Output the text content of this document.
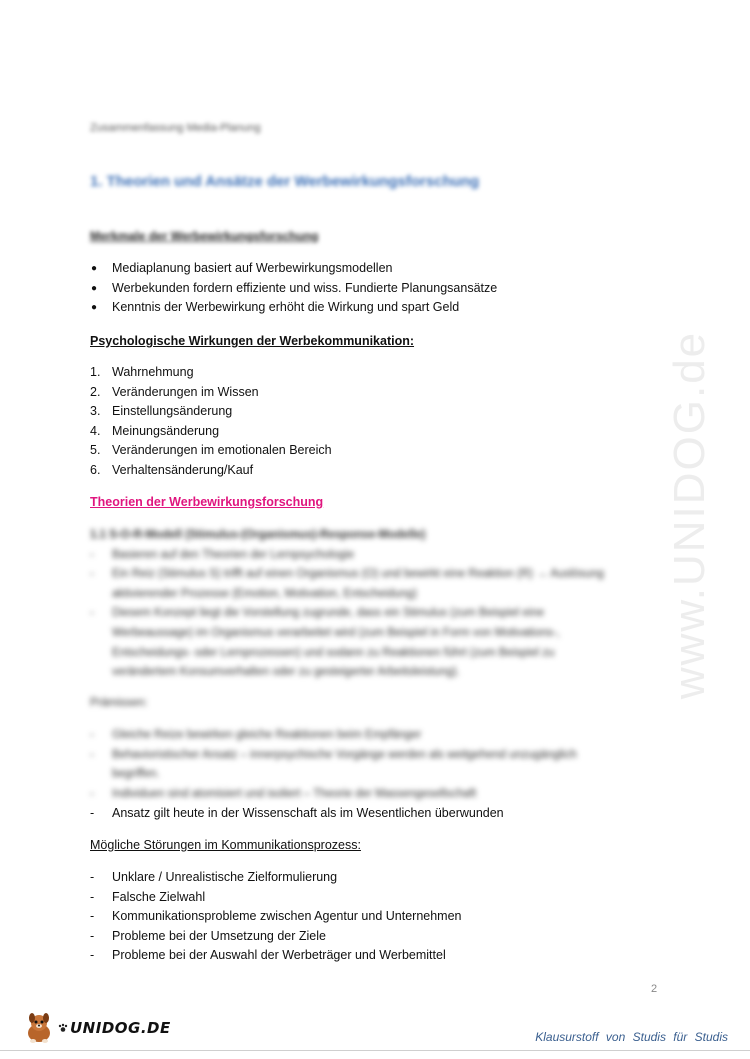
www.UNIDOG.de
Zusammenfassung Media-Planung
1. Theorien und Ansätze der Werbewirkungsforschung
Merkmale der Werbewirkungsforschung
●	Mediaplanung basiert auf Werbewirkungsmodellen
●	Werbekunden fordern effiziente und wiss. Fundierte Planungsansätze
●	Kenntnis der Werbewirkung erhöht die Wirkung und spart Geld
Psychologische Wirkungen der Werbekommunikation:
1. Wahrnehmung
2. Veränderungen im Wissen
3. Einstellungsänderung
4. Meinungsänderung
5. Veränderungen im emotionalen Bereich
6. Verhaltensänderung/Kauf
Theorien der Werbewirkungsforschung
1.1 S-O-R-Modell (Stimulus-(Organismus)-Response-Modelle)
- Basieren auf den Theorien der Lernpsychologie
- Ein Reiz (Stimulus S) trifft auf einen Organismus (O) und bewirkt eine Reaktion (R) → Auslösung
aktivierender Prozesse (Emotion, Motivation, Entscheidung)
- Diesem Konzept liegt die Vorstellung zugrunde, dass ein Stimulus (zum Beispiel eine
Werbeaussage) im Organismus verarbeitet wird (zum Beispiel in Form von Motivations-,
Entscheidungs- oder Lernprozessen) und sodann zu Reaktionen führt (zum Beispiel zu
verändertem Konsumverhalten oder zu gesteigerter Arbeitsleistung).
Prämissen:
- Gleiche Reize bewirken gleiche Reaktionen beim Empfänger
- Behavioristischer Ansatz – innerpsychische Vorgänge werden als weitgehend unzugänglich
begriffen.
- Individuen sind atomisiert und isoliert – Theorie der Massengesellschaft
-	Ansatz gilt heute in der Wissenschaft als im Wesentlichen überwunden
Mögliche Störungen im Kommunikationsprozess:
-	Unklare / Unrealistische Zielformulierung
-	Falsche Zielwahl
-	Kommunikationsprobleme zwischen Agentur und Unternehmen
-	Probleme bei der Umsetzung der Ziele
-	Probleme bei der Auswahl der Werbeträger und Werbemittel
2
UNIDOG.DE	Klausurstoff von Studis für Studis
